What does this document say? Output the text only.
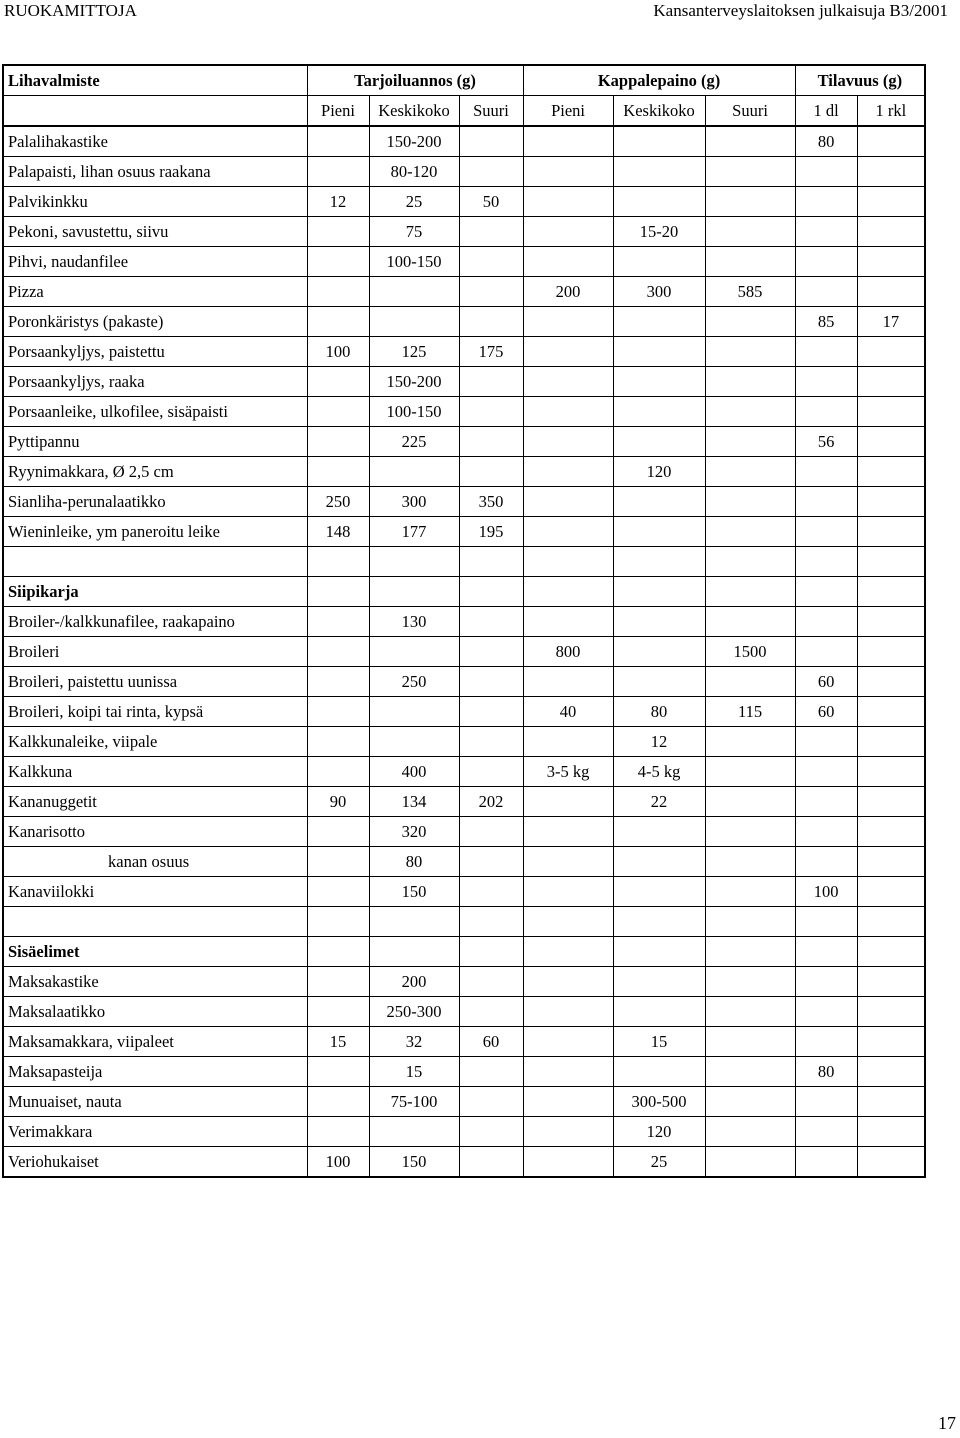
RUOKAMITTOJA	Kansanterveyslaitoksen julkaisuja B3/2001
Lihavalmiste	Tarjoiluannos (g)			Kappalepaino (g)			Tilavuus (g)	
	Pieni	Keskikoko	Suuri	Pieni	Keskikoko	Suuri	1 dl	1 rkl
Palalihakastike		150-200					80	
Palapaisti, lihan osuus raakana		80-120						
Palvikinkku	12	25	50					
Pekoni, savustettu, siivu		75			15-20			
Pihvi, naudanfilee		100-150						
Pizza				200	300	585		
Poronkäristys (pakaste)							85	17
Porsaankyljys, paistettu	100	125	175					
Porsaankyljys, raaka		150-200						
Porsaanleike, ulkofilee, sisäpaisti		100-150						
Pyttipannu		225					56	
Ryynimakkara, Ø 2,5 cm					120			
Sianliha-perunalaatikko	250	300	350					
Wieninleike, ym paneroitu leike	148	177	195					

Siipikarja								
Broiler-/kalkkunafilee, raakapaino		130						
Broileri				800		1500		
Broileri, paistettu uunissa		250					60	
Broileri, koipi tai rinta, kypsä				40	80	115	60	
Kalkkunaleike, viipale					12			
Kalkkuna		400		3-5 kg	4-5 kg			
Kananuggetit	90	134	202		22			
Kanarisotto		320						
kanan osuus		80						
Kanaviilokki		150					100	

Sisäelimet								
Maksakastike		200						
Maksalaatikko		250-300						
Maksamakkara, viipaleet	15	32	60		15			
Maksapasteija		15					80	
Munuaiset, nauta		75-100			300-500			
Verimakkara					120			
Veriohukaiset	100	150			25			
17
